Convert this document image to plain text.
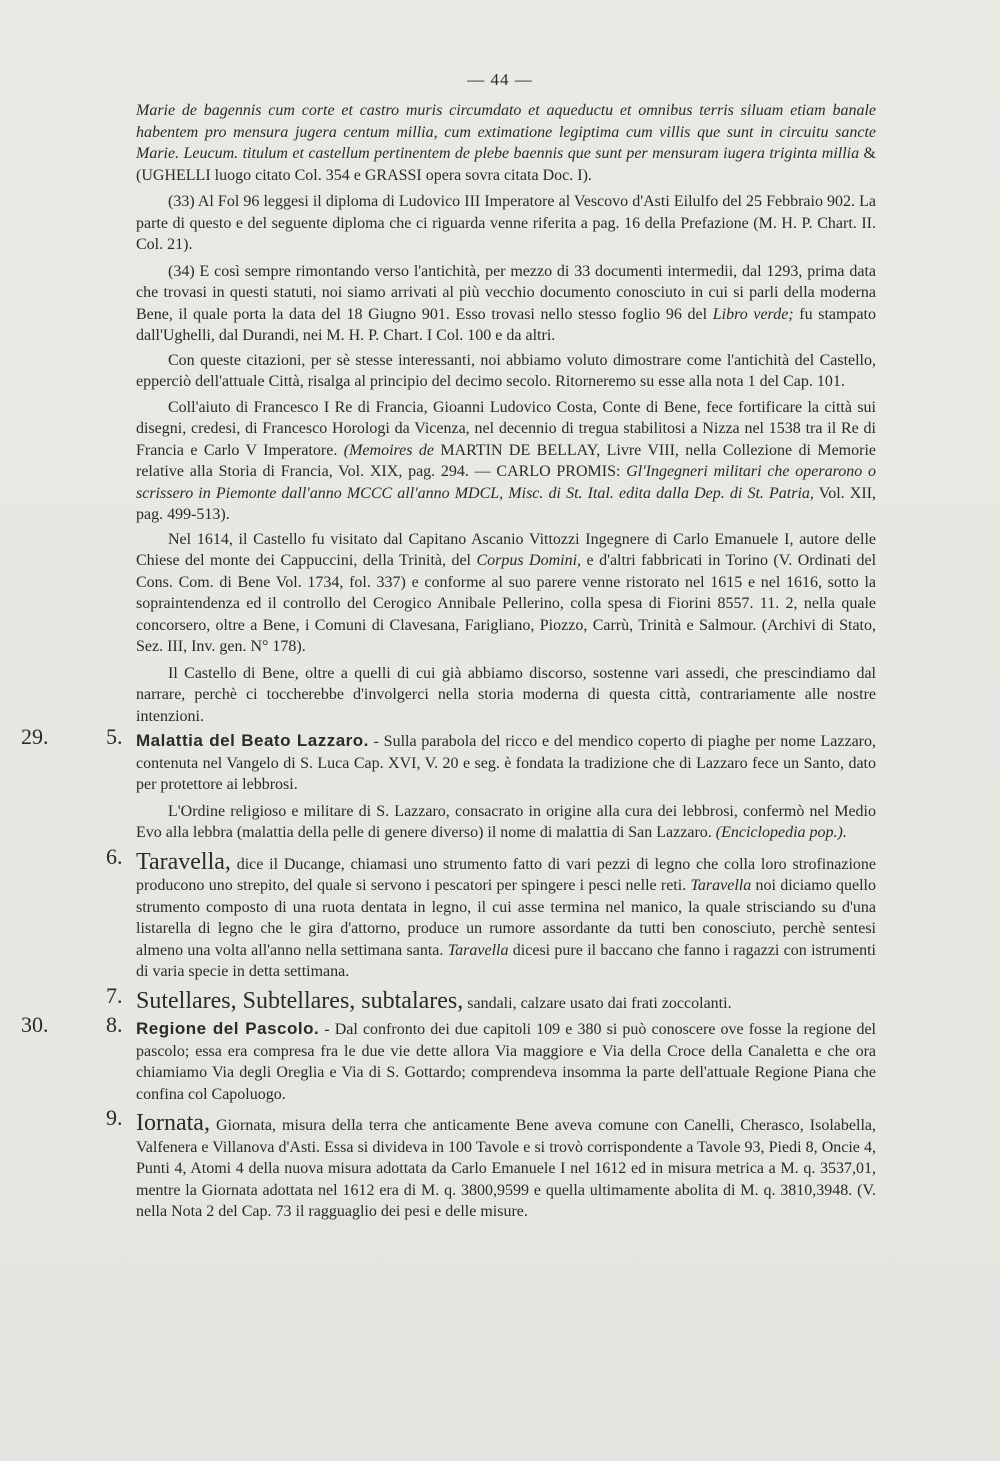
— 44 —

Marie de bagennis cum corte et castro muris circumdato et aqueductu et omnibus terris siluam etiam banale habentem pro mensura jugera centum millia, cum extimatione legiptima cum villis que sunt in circuitu sancte Marie. Leucum. titulum et castellum pertinentem de plebe baennis que sunt per mensuram iugera triginta millia & (UGHELLI luogo citato Col. 354 e GRASSI opera sovra citata Doc. I).

(33) Al Fol 96 leggesi il diploma di Ludovico III Imperatore al Vescovo d'Asti Eilulfo del 25 Febbraio 902. La parte di questo e del seguente diploma che ci riguarda venne riferita a pag. 16 della Prefazione (M. H. P. Chart. II. Col. 21).

(34) E così sempre rimontando verso l'antichità, per mezzo di 33 documenti intermedii, dal 1293, prima data che trovasi in questi statuti, noi siamo arrivati al più vecchio documento conosciuto in cui si parli della moderna Bene, il quale porta la data del 18 Giugno 901. Esso trovasi nello stesso foglio 96 del Libro verde; fu stampato dall'Ughelli, dal Durandi, nei M. H. P. Chart. I Col. 100 e da altri.

Con queste citazioni, per sè stesse interessanti, noi abbiamo voluto dimostrare come l'antichità del Castello, epperciò dell'attuale Città, risalga al principio del decimo secolo. Ritorneremo su esse alla nota 1 del Cap. 101.

Coll'aiuto di Francesco I Re di Francia, Gioanni Ludovico Costa, Conte di Bene, fece fortificare la città sui disegni, credesi, di Francesco Horologi da Vicenza, nel decennio di tregua stabilitosi a Nizza nel 1538 tra il Re di Francia e Carlo V Imperatore. (Memoires de MARTIN DE BELLAY, Livre VIII, nella Collezione di Memorie relative alla Storia di Francia, Vol. XIX, pag. 294. — CARLO PROMIS: Gl'Ingegneri militari che operarono o scrissero in Piemonte dall'anno MCCC all'anno MDCL, Misc. di St. Ital. edita dalla Dep. di St. Patria, Vol. XII, pag. 499-513).

Nel 1614, il Castello fu visitato dal Capitano Ascanio Vittozzi Ingegnere di Carlo Emanuele I, autore delle Chiese del monte dei Cappuccini, della Trinità, del Corpus Domini, e d'altri fabbricati in Torino (V. Ordinati del Cons. Com. di Bene Vol. 1734, fol. 337) e conforme al suo parere venne ristorato nel 1615 e nel 1616, sotto la sopraintendenza ed il controllo del Cerogico Annibale Pellerino, colla spesa di Fiorini 8557. 11. 2, nella quale concorsero, oltre a Bene, i Comuni di Clavesana, Farigliano, Piozzo, Carrù, Trinità e Salmour. (Archivi di Stato, Sez. III, Inv. gen. N° 178).

Il Castello di Bene, oltre a quelli di cui già abbiamo discorso, sostenne vari assedi, che prescindiamo dal narrare, perchè ci toccherebbe d'involgerci nella storia moderna di questa città, contrariamente alle nostre intenzioni.

29.	5. Malattia del Beato Lazzaro. - Sulla parabola del ricco e del mendico coperto di piaghe per nome Lazzaro, contenuta nel Vangelo di S. Luca Cap. XVI, V. 20 e seg. è fondata la tradizione che di Lazzaro fece un Santo, dato per protettore ai lebbrosi.

L'Ordine religioso e militare di S. Lazzaro, consacrato in origine alla cura dei lebbrosi, confermò nel Medio Evo alla lebbra (malattia della pelle di genere diverso) il nome di malattia di San Lazzaro. (Enciclopedia pop.).

6. Taravella, dice il Ducange, chiamasi uno strumento fatto di vari pezzi di legno che colla loro strofinazione producono uno strepito, del quale si servono i pescatori per spingere i pesci nelle reti. Taravella noi diciamo quello strumento composto di una ruota dentata in legno, il cui asse termina nel manico, la quale strisciando su d'una listarella di legno che le gira d'attorno, produce un rumore assordante da tutti ben conosciuto, perchè sentesi almeno una volta all'anno nella settimana santa. Taravella dicesi pure il baccano che fanno i ragazzi con istrumenti di varia specie in detta settimana.

7. Sutellares, Subtellares, subtalares, sandali, calzare usato dai frati zoccolanti.

30.	8. Regione del Pascolo. - Dal confronto dei due capitoli 109 e 380 si può conoscere ove fosse la regione del pascolo; essa era compresa fra le due vie dette allora Via maggiore e Via della Croce della Canaletta e che ora chiamiamo Via degli Oreglia e Via di S. Gottardo; comprendeva insomma la parte dell'attuale Regione Piana che confina col Capoluogo.

9. Iornata, Giornata, misura della terra che anticamente Bene aveva comune con Canelli, Cherasco, Isolabella, Valfenera e Villanova d'Asti. Essa si divideva in 100 Tavole e si trovò corrispondente a Tavole 93, Piedi 8, Oncie 4, Punti 4, Atomi 4 della nuova misura adottata da Carlo Emanuele I nel 1612 ed in misura metrica a M. q. 3537,01, mentre la Giornata adottata nel 1612 era di M. q. 3800,9599 e quella ultimamente abolita di M. q. 3810,3948. (V. nella Nota 2 del Cap. 73 il ragguaglio dei pesi e delle misure.
